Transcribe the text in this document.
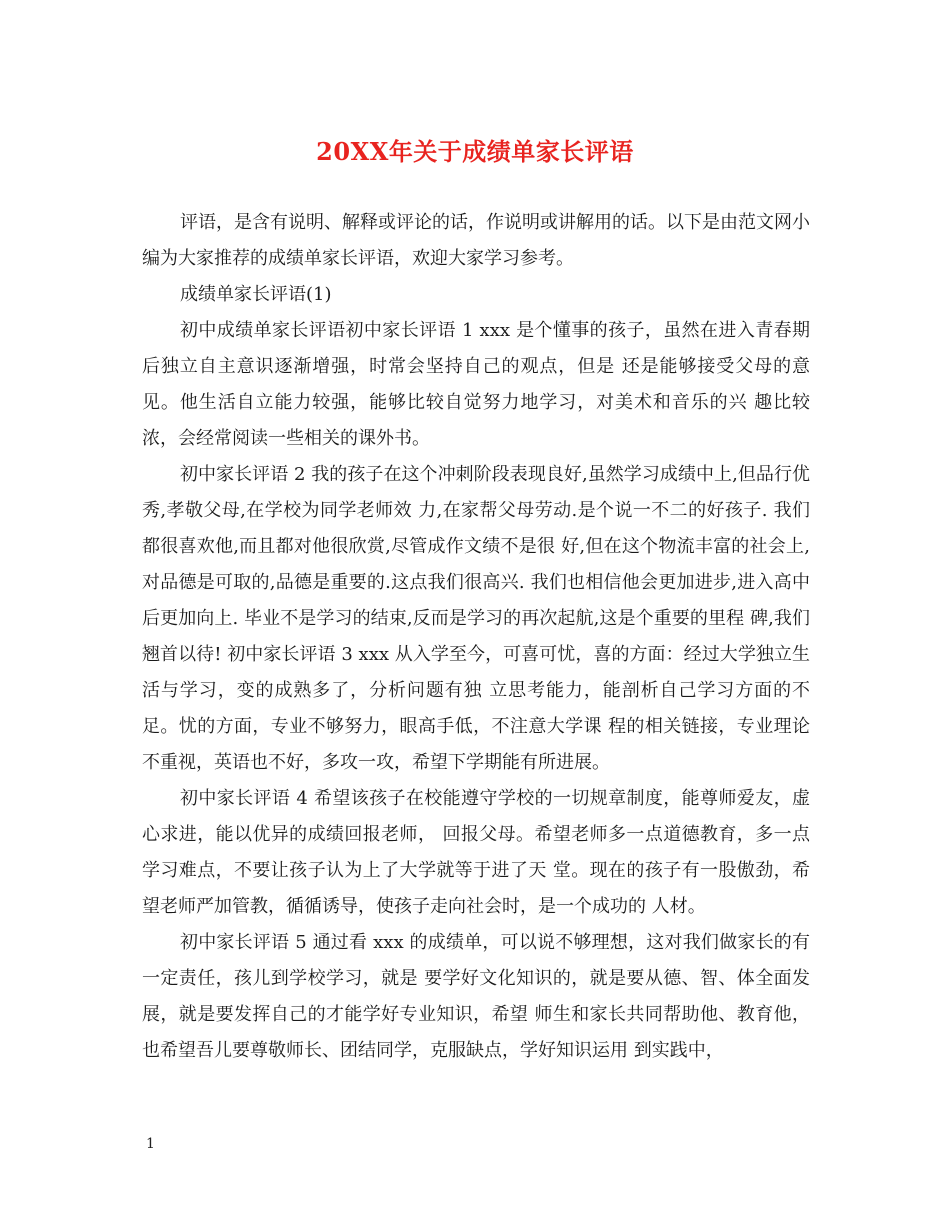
20XX年关于成绩单家长评语

评语，是含有说明、解释或评论的话，作说明或讲解用的话。以下是由范文网小编为大家推荐的成绩单家长评语，欢迎大家学习参考。

成绩单家长评语(1)

初中成绩单家长评语初中家长评语 1 xxx 是个懂事的孩子，虽然在进入青春期后独立自主意识逐渐增强，时常会坚持自己的观点，但是 还是能够接受父母的意见。他生活自立能力较强，能够比较自觉努力地学习，对美术和音乐的兴 趣比较浓，会经常阅读一些相关的课外书。

初中家长评语 2 我的孩子在这个冲刺阶段表现良好,虽然学习成绩中上,但品行优秀,孝敬父母,在学校为同学老师效 力,在家帮父母劳动.是个说一不二的好孩子. 我们都很喜欢他,而且都对他很欣赏,尽管成作文绩不是很 好,但在这个物流丰富的社会上,对品德是可取的,品德是重要的.这点我们很高兴. 我们也相信他会更加进步,进入高中后更加向上. 毕业不是学习的结束,反而是学习的再次起航,这是个重要的里程 碑,我们翘首以待! 初中家长评语 3 xxx 从入学至今，可喜可忧，喜的方面：经过大学独立生活与学习，变的成熟多了，分析问题有独 立思考能力，能剖析自己学习方面的不足。忧的方面，专业不够努力，眼高手低，不注意大学课 程的相关链接，专业理论不重视，英语也不好，多攻一攻，希望下学期能有所进展。

初中家长评语 4 希望该孩子在校能遵守学校的一切规章制度，能尊师爱友，虚心求进，能以优异的成绩回报老师， 回报父母。希望老师多一点道德教育，多一点学习难点，不要让孩子认为上了大学就等于进了天 堂。现在的孩子有一股傲劲，希望老师严加管教，循循诱导，使孩子走向社会时，是一个成功的 人材。

初中家长评语 5 通过看 xxx 的成绩单，可以说不够理想，这对我们做家长的有一定责任，孩儿到学校学习，就是 要学好文化知识的，就是要从德、智、体全面发展，就是要发挥自己的才能学好专业知识，希望 师生和家长共同帮助他、教育他，也希望吾儿要尊敬师长、团结同学，克服缺点，学好知识运用 到实践中，

1
